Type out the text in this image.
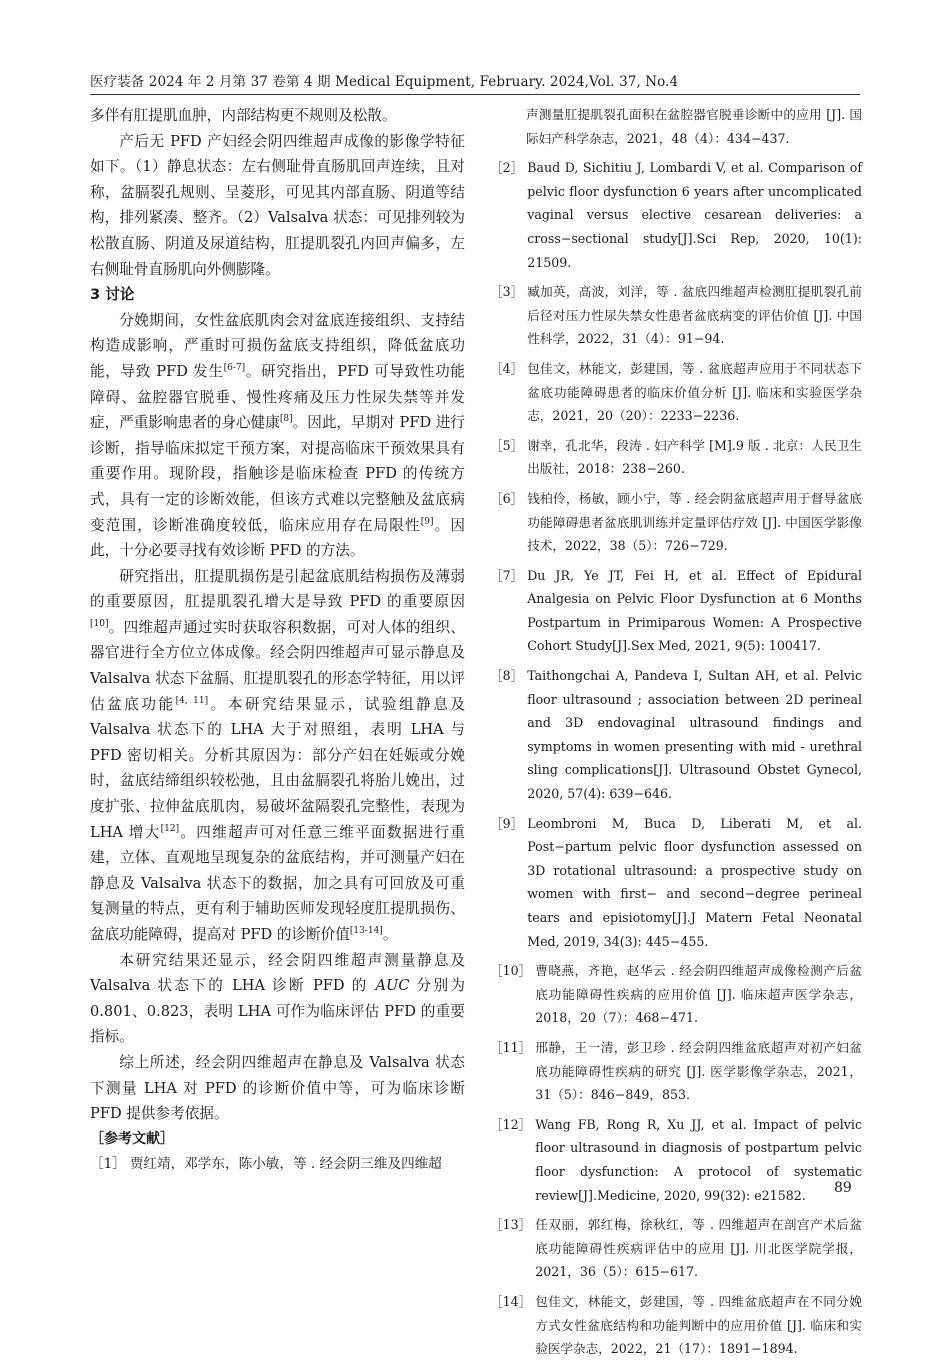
医疗装备 2024 年 2 月第 37 卷第 4 期 Medical Equipment, February. 2024,Vol. 37, No.4

多伴有肛提肌血肿，内部结构更不规则及松散。

产后无 PFD 产妇经会阴四维超声成像的影像学特征如下。（1）静息状态：左右侧耻骨直肠肌回声连续，且对称，盆膈裂孔规则、呈菱形，可见其内部直肠、阴道等结构，排列紧凑、整齐。（2）Valsalva 状态：可见排列较为松散直肠、阴道及尿道结构，肛提肌裂孔内回声偏多，左右侧耻骨直肠肌向外侧膨隆。

3 讨论

分娩期间，女性盆底肌肉会对盆底连接组织、支持结构造成影响，严重时可损伤盆底支持组织，降低盆底功能，导致 PFD 发生[6-7]。研究指出，PFD 可导致性功能障碍、盆腔器官脱垂、慢性疼痛及压力性尿失禁等并发症，严重影响患者的身心健康[8]。因此，早期对 PFD 进行诊断，指导临床拟定干预方案，对提高临床干预效果具有重要作用。现阶段，指触诊是临床检查 PFD 的传统方式，具有一定的诊断效能，但该方式难以完整触及盆底病变范围，诊断准确度较低，临床应用存在局限性[9]。因此，十分必要寻找有效诊断 PFD 的方法。

研究指出，肛提肌损伤是引起盆底肌结构损伤及薄弱的重要原因，肛提肌裂孔增大是导致 PFD 的重要原因[10]。四维超声通过实时获取容积数据，可对人体的组织、器官进行全方位立体成像。经会阴四维超声可显示静息及 Valsalva 状态下盆膈、肛提肌裂孔的形态学特征，用以评估盆底功能[4, 11]。本研究结果显示，试验组静息及 Valsalva 状态下的 LHA 大于对照组，表明 LHA 与 PFD 密切相关。分析其原因为：部分产妇在妊娠或分娩时，盆底结缔组织较松弛，且由盆膈裂孔将胎儿娩出，过度扩张、拉伸盆底肌肉，易破坏盆隔裂孔完整性，表现为 LHA 增大[12]。四维超声可对任意三维平面数据进行重建，立体、直观地呈现复杂的盆底结构，并可测量产妇在静息及 Valsalva 状态下的数据，加之具有可回放及可重复测量的特点，更有利于辅助医师发现轻度肛提肌损伤、盆底功能障碍，提高对 PFD 的诊断价值[13-14]。

本研究结果还显示，经会阴四维超声测量静息及 Valsalva 状态下的 LHA 诊断 PFD 的 AUC 分别为 0.801、0.823，表明 LHA 可作为临床评估 PFD 的重要指标。

综上所述，经会阴四维超声在静息及 Valsalva 状态下测量 LHA 对 PFD 的诊断价值中等，可为临床诊断 PFD 提供参考依据。

［参考文献］

［1］ 贾红靖，邓学东，陈小敏，等 . 经会阴三维及四维超

声测量肛提肌裂孔面积在盆腔器官脱垂诊断中的应用 [J]. 国际妇产科学杂志，2021，48（4）：434−437.

［2］ Baud D, Sichitiu J, Lombardi V, et al. Comparison of pelvic floor dysfunction 6 years after uncomplicated vaginal versus elective cesarean deliveries: a cross−sectional study[J].Sci Rep, 2020, 10(1): 21509.
［3］ 臧加英，高波，刘洋，等 . 盆底四维超声检测肛提肌裂孔前后径对压力性尿失禁女性患者盆底病变的评估价值 [J]. 中国性科学，2022，31（4）：91−94.
［4］ 包佳文，林能文，彭建国，等 . 盆底超声应用于不同状态下盆底功能障碍患者的临床价值分析 [J]. 临床和实验医学杂志，2021，20（20）：2233−2236.
［5］ 谢幸，孔北华，段涛 . 妇产科学 [M].9 版 . 北京：人民卫生出版社，2018：238−260.
［6］ 钱柏伶，杨敏，顾小宁，等 . 经会阴盆底超声用于督导盆底功能障碍患者盆底肌训练并定量评估疗效 [J]. 中国医学影像技术，2022，38（5）：726−729.
［7］ Du JR, Ye JT, Fei H, et al. Effect of Epidural Analgesia on Pelvic Floor Dysfunction at 6 Months Postpartum in Primiparous Women: A Prospective Cohort Study[J].Sex Med, 2021, 9(5): 100417.
［8］ Taithongchai A, Pandeva I, Sultan AH, et al. Pelvic floor ultrasound ; association between 2D perineal and 3D endovaginal ultrasound findings and symptoms in women presenting with mid - urethral sling complications[J]. Ultrasound Obstet Gynecol, 2020, 57(4): 639−646.
［9］ Leombroni M, Buca D, Liberati M, et al. Post−partum pelvic floor dysfunction assessed on 3D rotational ultrasound: a prospective study on women with first− and second−degree perineal tears and episiotomy[J].J Matern Fetal Neonatal Med, 2019, 34(3): 445−455.
［10］ 曹晓燕，齐艳，赵华云 . 经会阴四维超声成像检测产后盆底功能障碍性疾病的应用价值 [J]. 临床超声医学杂志，2018，20（7）：468−471.
［11］ 邢静，王一清，彭卫珍 . 经会阴四维盆底超声对初产妇盆底功能障碍性疾病的研究 [J]. 医学影像学杂志，2021，31（5）：846−849，853.
［12］ Wang FB, Rong R, Xu JJ, et al. Impact of pelvic floor ultrasound in diagnosis of postpartum pelvic floor dysfunction: A protocol of systematic review[J].Medicine, 2020, 99(32): e21582.
［13］ 任双丽，郭红梅，徐秋红，等 . 四维超声在剖宫产术后盆底功能障碍性疾病评估中的应用 [J]. 川北医学院学报，2021，36（5）：615−617.
［14］ 包佳文，林能文，彭建国，等 . 四维盆底超声在不同分娩方式女性盆底结构和功能判断中的应用价值 [J]. 临床和实验医学杂志，2022，21（17）：1891−1894.
89
